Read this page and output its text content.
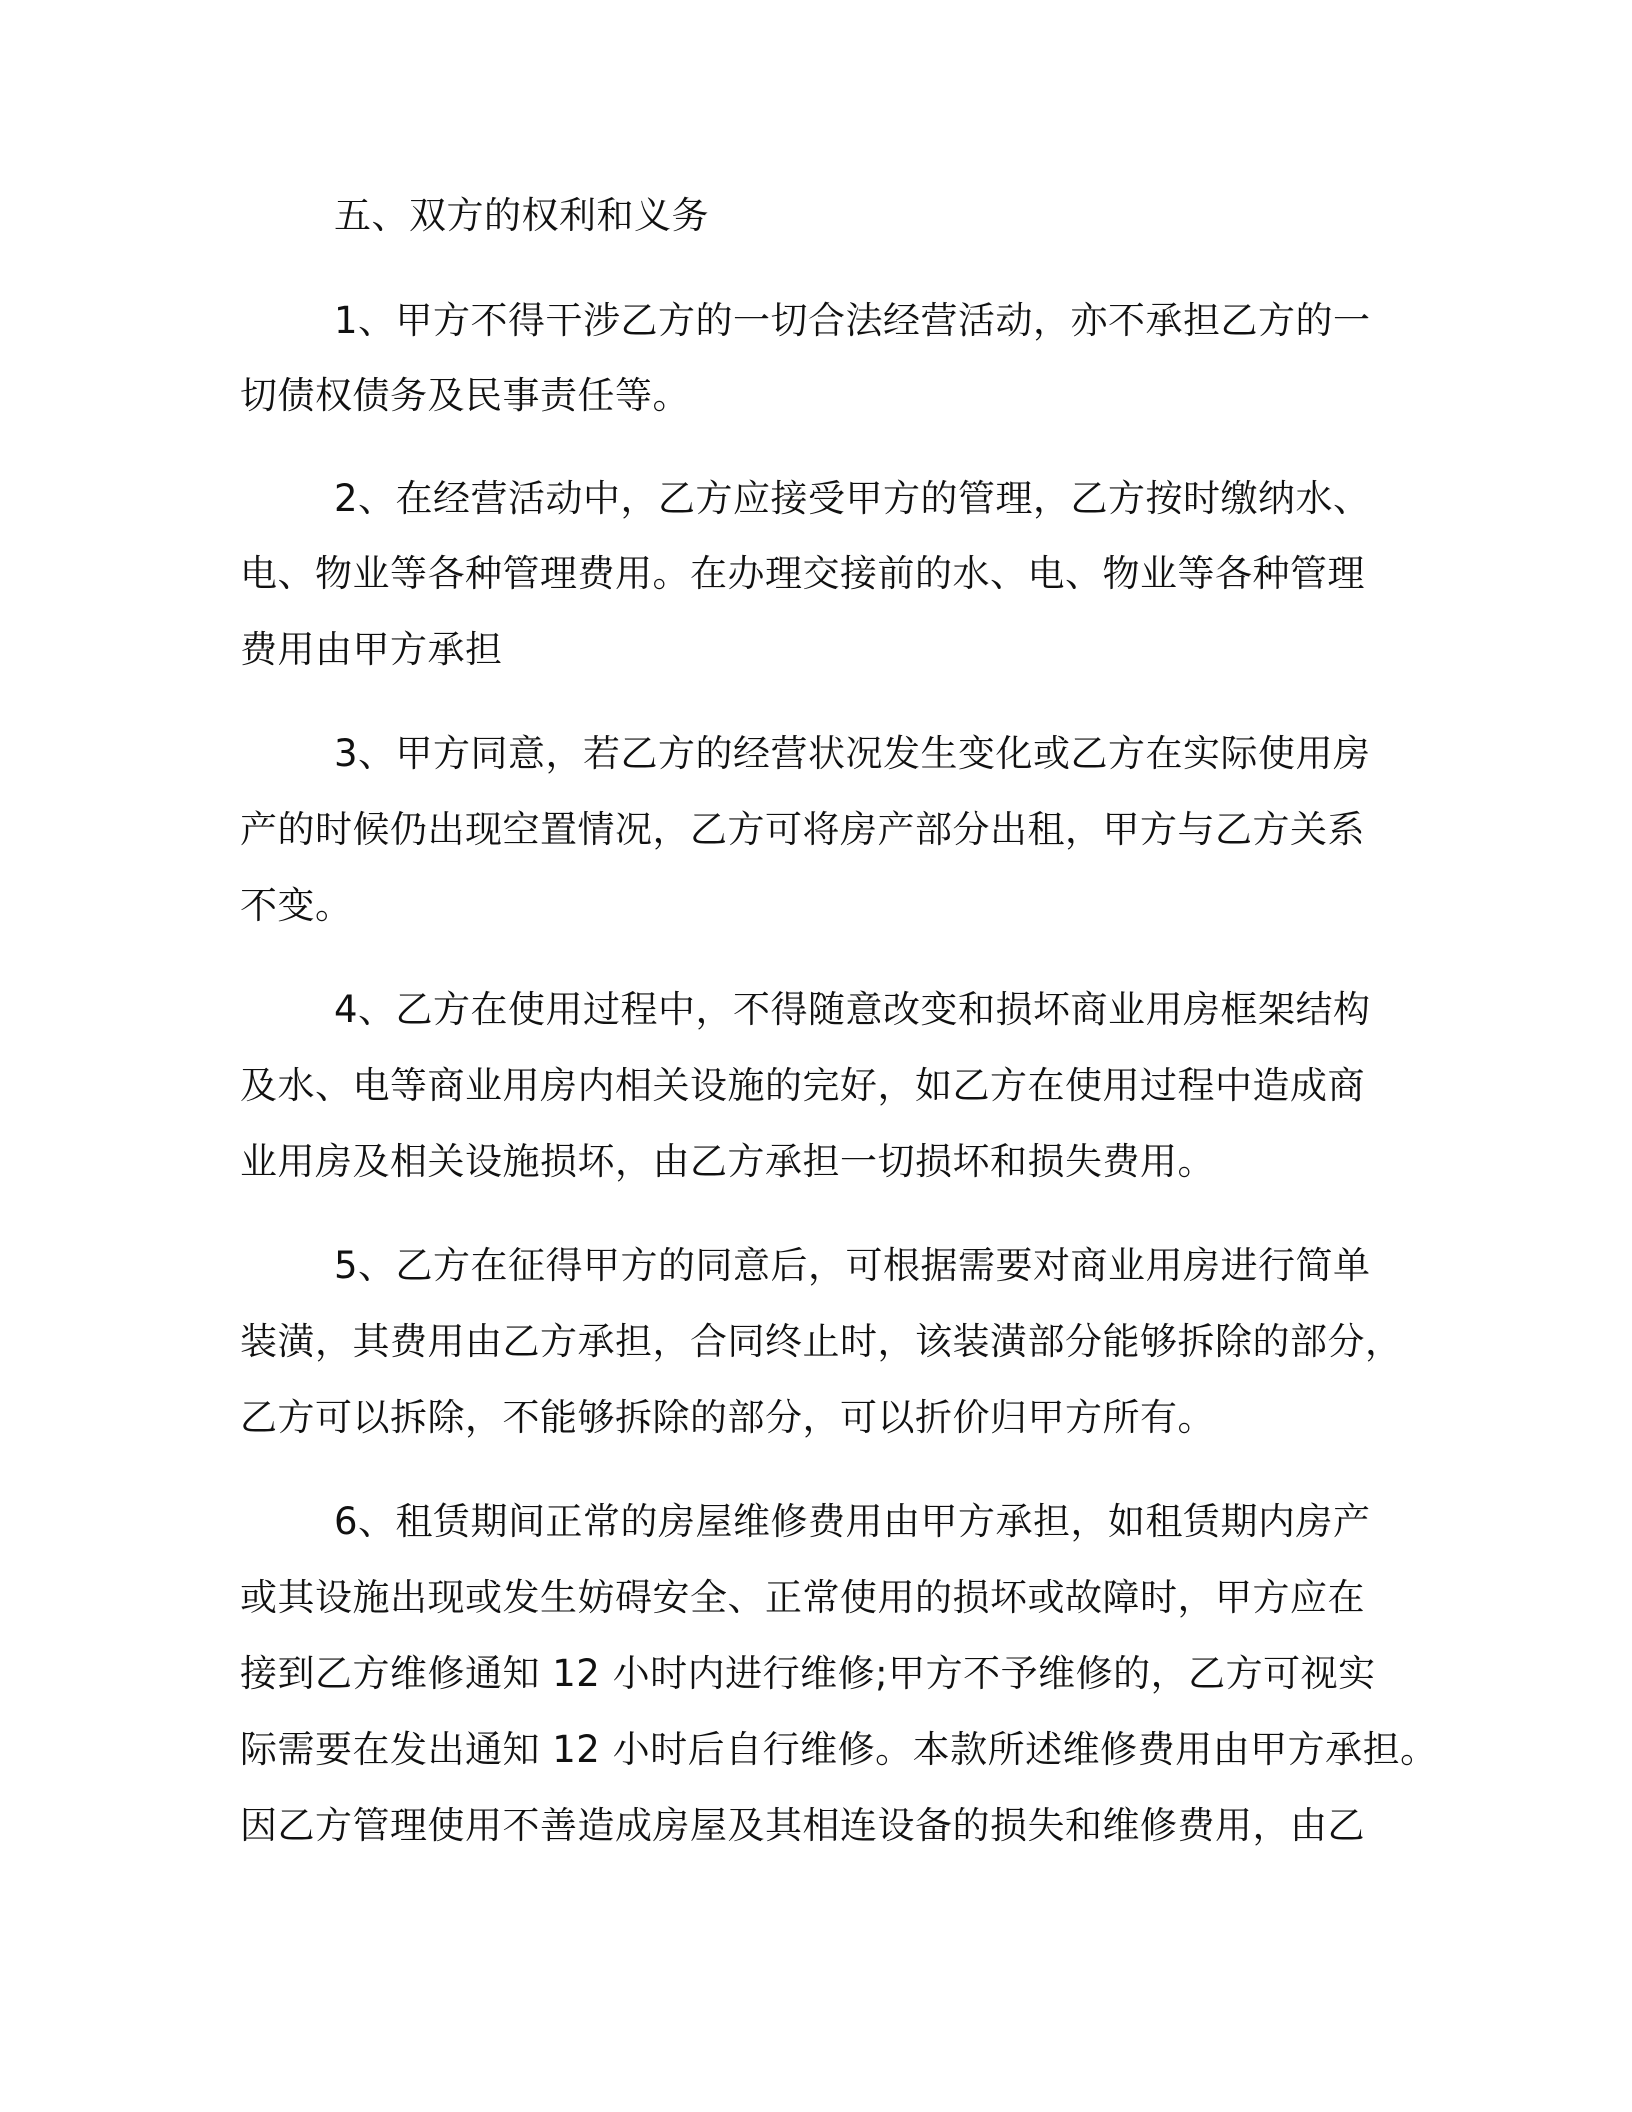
五、双方的权利和义务
1、甲方不得干涉乙方的一切合法经营活动，亦不承担乙方的一
切债权债务及民事责任等。
2、在经营活动中，乙方应接受甲方的管理，乙方按时缴纳水、
电、物业等各种管理费用。在办理交接前的水、电、物业等各种管理
费用由甲方承担
3、甲方同意，若乙方的经营状况发生变化或乙方在实际使用房
产的时候仍出现空置情况，乙方可将房产部分出租，甲方与乙方关系
不变。
4、乙方在使用过程中，不得随意改变和损坏商业用房框架结构
及水、电等商业用房内相关设施的完好，如乙方在使用过程中造成商
业用房及相关设施损坏，由乙方承担一切损坏和损失费用。
5、乙方在征得甲方的同意后，可根据需要对商业用房进行简单
装潢，其费用由乙方承担，合同终止时，该装潢部分能够拆除的部分，
乙方可以拆除，不能够拆除的部分，可以折价归甲方所有。
6、租赁期间正常的房屋维修费用由甲方承担，如租赁期内房产
或其设施出现或发生妨碍安全、正常使用的损坏或故障时，甲方应在
接到乙方维修通知 12 小时内进行维修;甲方不予维修的，乙方可视实
际需要在发出通知 12 小时后自行维修。本款所述维修费用由甲方承担。
因乙方管理使用不善造成房屋及其相连设备的损失和维修费用，由乙
